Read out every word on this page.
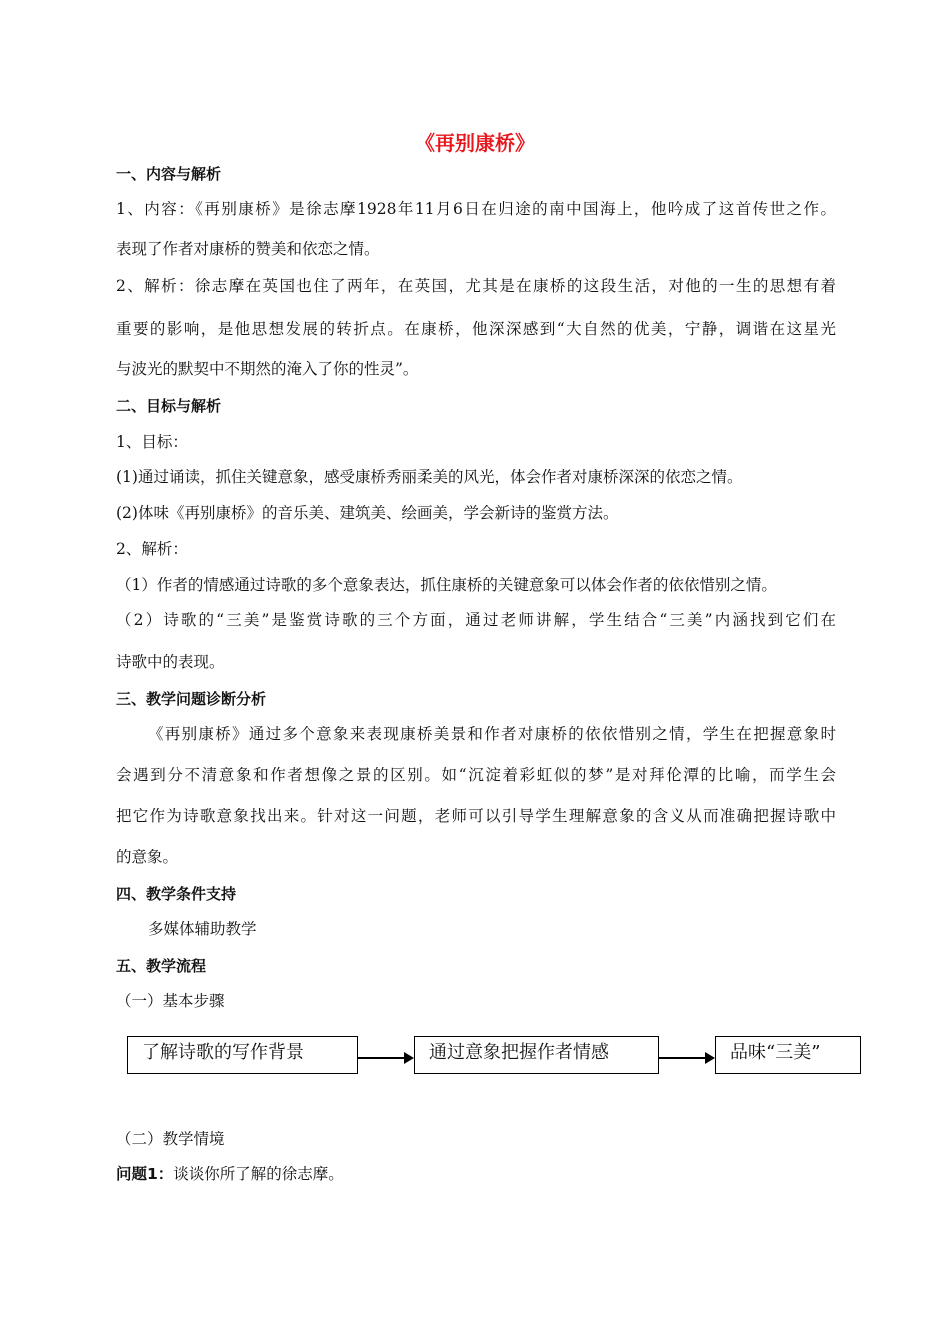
《再别康桥》
一、内容与解析
1、内容：《再别康桥》是徐志摩1928年11月6日在归途的南中国海上，他吟成了这首传世之作。
表现了作者对康桥的赞美和依恋之情。
2、解析：徐志摩在英国也住了两年，在英国，尤其是在康桥的这段生活，对他的一生的思想有着
重要的影响，是他思想发展的转折点。在康桥，他深深感到“大自然的优美，宁静，调谐在这星光
与波光的默契中不期然的淹入了你的性灵”。
二、目标与解析
1、目标：
(1)通过诵读，抓住关键意象，感受康桥秀丽柔美的风光，体会作者对康桥深深的依恋之情。
(2)体味《再别康桥》的音乐美、建筑美、绘画美，学会新诗的鉴赏方法。
2、解析：
（1）作者的情感通过诗歌的多个意象表达，抓住康桥的关键意象可以体会作者的依依惜别之情。
（2）诗歌的“三美”是鉴赏诗歌的三个方面，通过老师讲解，学生结合“三美”内涵找到它们在
诗歌中的表现。
三、教学问题诊断分析
《再别康桥》通过多个意象来表现康桥美景和作者对康桥的依依惜别之情，学生在把握意象时
会遇到分不清意象和作者想像之景的区别。如“沉淀着彩虹似的梦”是对拜伦潭的比喻，而学生会
把它作为诗歌意象找出来。针对这一问题，老师可以引导学生理解意象的含义从而准确把握诗歌中
的意象。
四、教学条件支持
多媒体辅助教学
五、教学流程
（一）基本步骤
了解诗歌的写作背景	通过意象把握作者情感	品味“三美”
（二）教学情境
问题1：谈谈你所了解的徐志摩。
